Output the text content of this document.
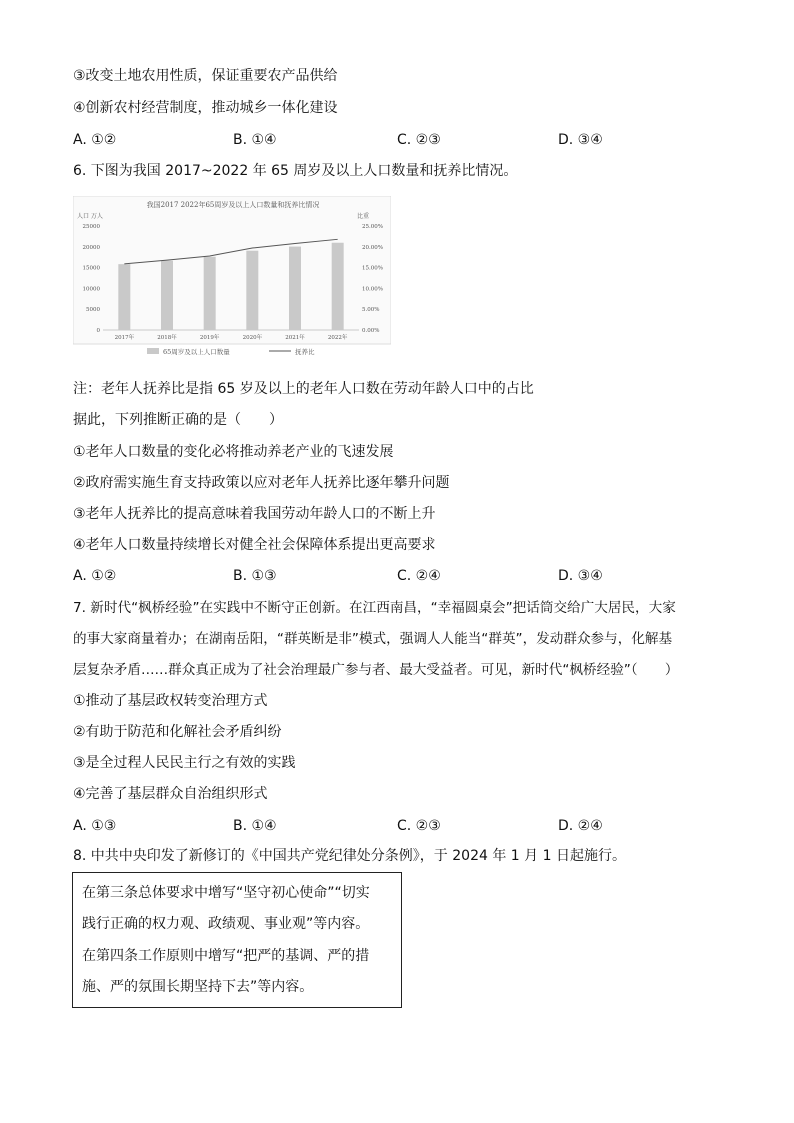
③改变土地农用性质，保证重要农产品供给
④创新农村经营制度，推动城乡一体化建设
A. ①②	B. ①④	C. ②③	D. ③④
6. 下图为我国 2017~2022 年 65 周岁及以上人口数量和抚养比情况。
我国2017 2022年65周岁及以上人口数量和抚养比情况
人口 万人	比重
25000
20000
15000
10000
5000
0
25.00%
20.00%
15.00%
10.00%
5.00%
0.00%
2017年	2018年	2019年	2020年	2021年	2022年
65周岁及以上人口数量	抚养比
注：老年人抚养比是指 65 岁及以上的老年人口数在劳动年龄人口中的占比
据此，下列推断正确的是（　　）
①老年人口数量的变化必将推动养老产业的飞速发展
②政府需实施生育支持政策以应对老年人抚养比逐年攀升问题
③老年人抚养比的提高意味着我国劳动年龄人口的不断上升
④老年人口数量持续增长对健全社会保障体系提出更高要求
A. ①②	B. ①③	C. ②④	D. ③④
7. 新时代“枫桥经验”在实践中不断守正创新。在江西南昌，“幸福圆桌会”把话筒交给广大居民，大家
的事大家商量着办；在湖南岳阳，“群英断是非”模式，强调人人能当“群英”，发动群众参与，化解基
层复杂矛盾……群众真正成为了社会治理最广参与者、最大受益者。可见，新时代“枫桥经验”（　　）
①推动了基层政权转变治理方式
②有助于防范和化解社会矛盾纠纷
③是全过程人民民主行之有效的实践
④完善了基层群众自治组织形式
A. ①③	B. ①④	C. ②③	D. ②④
8. 中共中央印发了新修订的《中国共产党纪律处分条例》，于 2024 年 1 月 1 日起施行。
在第三条总体要求中增写“坚守初心使命”“切实
践行正确的权力观、政绩观、事业观”等内容。
在第四条工作原则中增写“把严的基调、严的措
施、严的氛围长期坚持下去”等内容。
